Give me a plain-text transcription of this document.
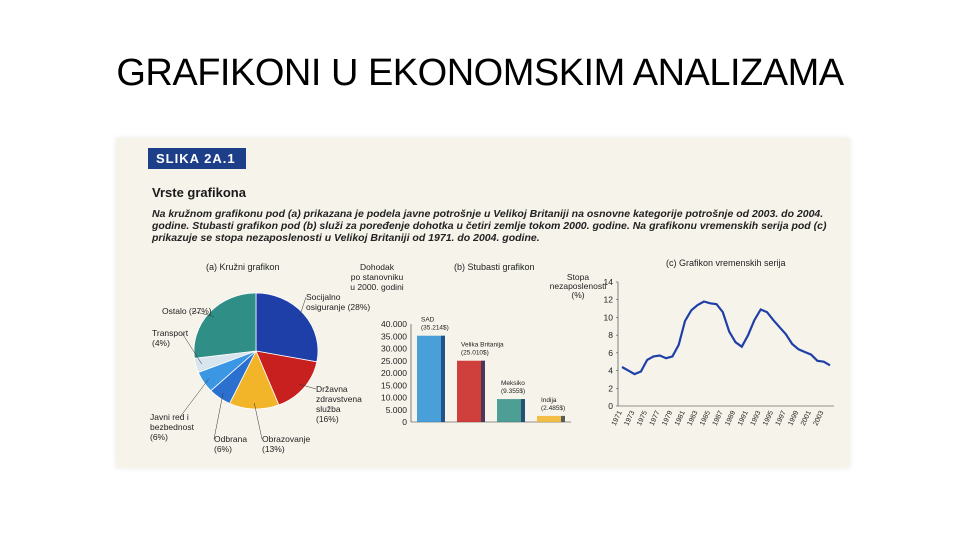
GRAFIKONI U EKONOMSKIM ANALIZAMA
SLIKA 2A.1
Vrste grafikona
Na kružnom grafikonu pod (a) prikazana je podela javne potrošnje u Velikoj Britaniji na osnovne kategorije potrošnje od 2003. do 2004. godine. Stubasti grafikon pod (b) služi za poređenje dohotka u četiri zemlje tokom 2000. godine. Na grafikonu vremenskih serija pod (c) prikazuje se stopa nezaposlenosti u Velikoj Britaniji od 1971. do 2004. godine.
(a) Kružni grafikon
Socijalno osiguranje (28%)
Državna zdravstvena služba (16%)
Obrazovanje (13%)
Odbrana (6%)
Javni red i bezbednost (6%)
Transport (4%)
Ostalo (27%)
Dohodak po stanovniku u 2000. godini
(b) Stubasti grafikon
40.000
35.000
30.000
25.000
20.000
15.000
10.000
5.000
0
SAD
(35.214$)
Velika Britanija
(25.010$)
Meksiko
(9.355$)
Indija
(2.485$)
(c) Grafikon vremenskih serija
Stopa nezaposlenosti (%)
14
12
10
8
6
4
2
0
1971 1973 1975 1977 1979 1981 1983 1985 1987 1989 1991 1993 1995 1997 1999 2001 2003
